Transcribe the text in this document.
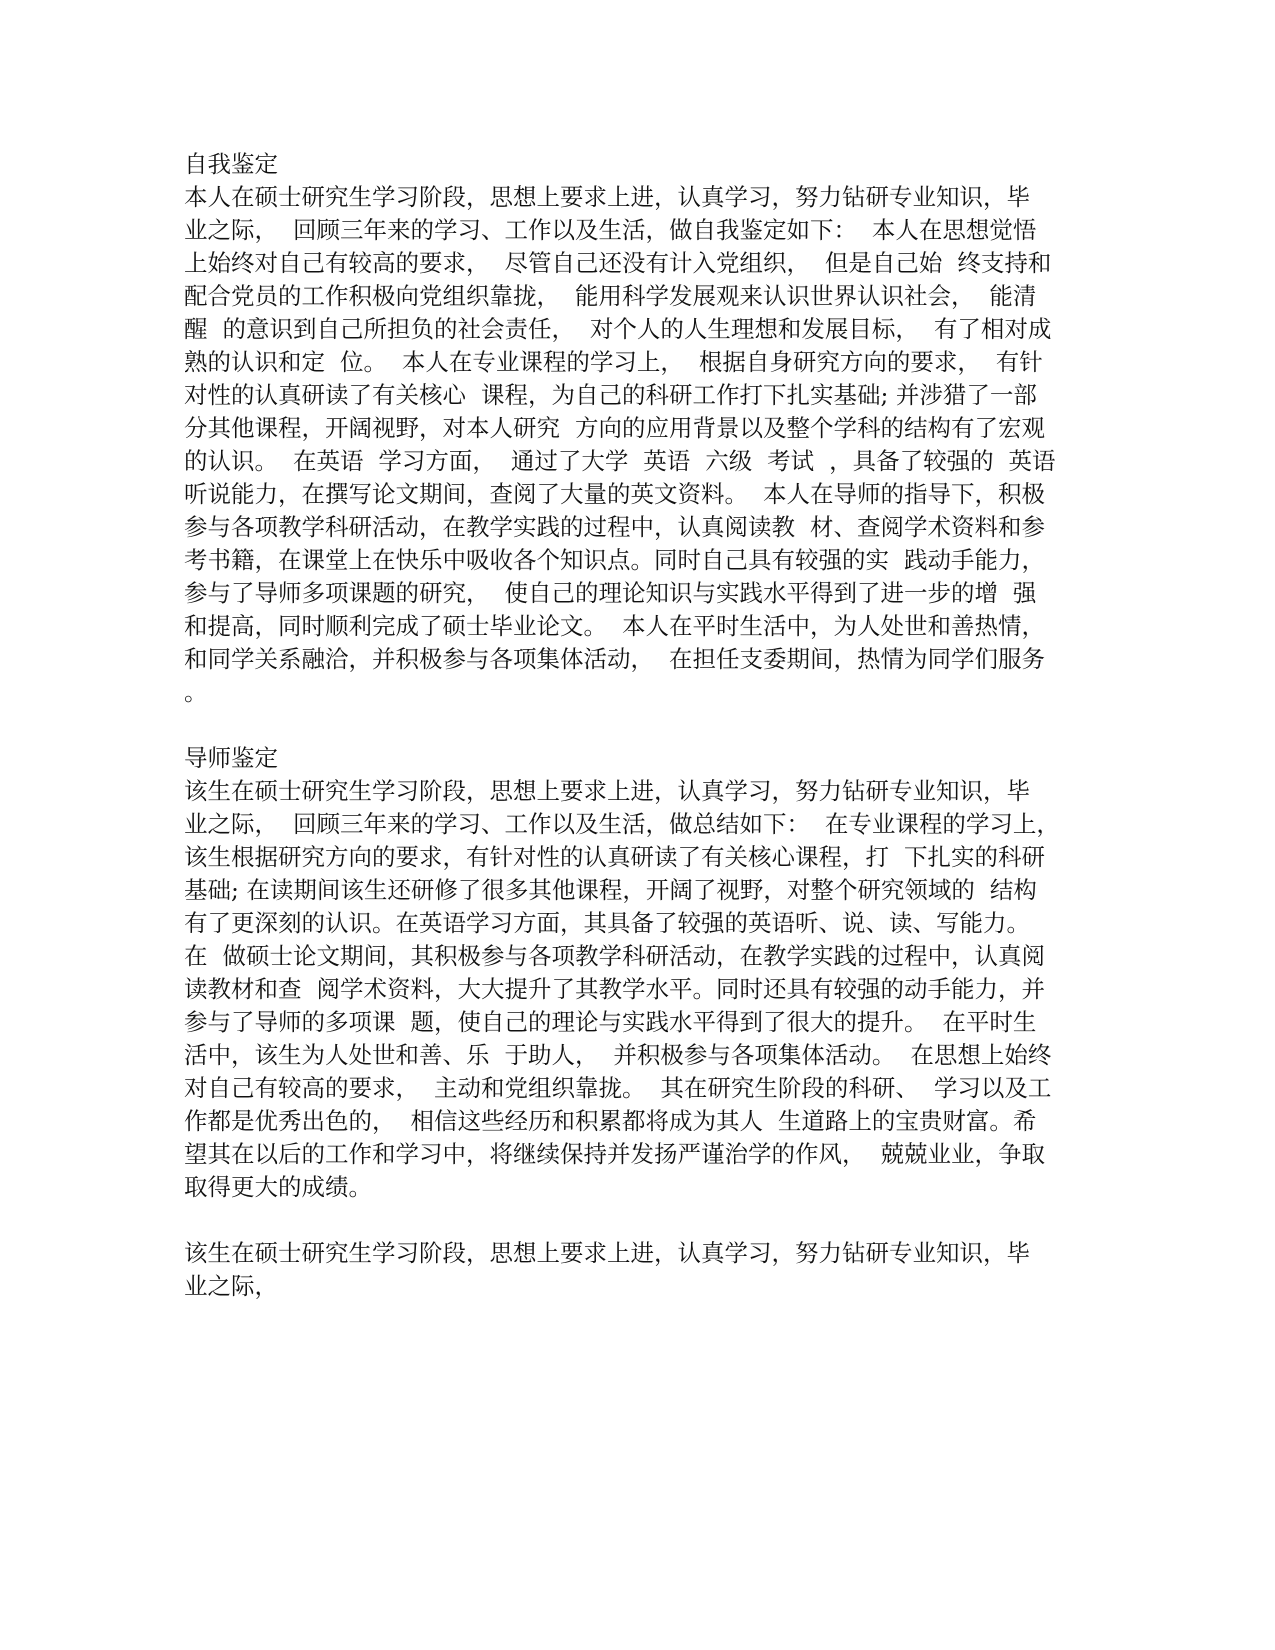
自我鉴定
本人在硕士研究生学习阶段，思想上要求上进，认真学习，努力钻研专业知识，毕
业之际，  回顾三年来的学习、工作以及生活，做自我鉴定如下：  本人在思想觉悟
上始终对自己有较高的要求，  尽管自己还没有计入党组织，  但是自己始  终支持和
配合党员的工作积极向党组织靠拢，  能用科学发展观来认识世界认识社会，  能清
醒  的意识到自己所担负的社会责任，  对个人的人生理想和发展目标，  有了相对成
熟的认识和定  位。  本人在专业课程的学习上，  根据自身研究方向的要求，  有针
对性的认真研读了有关核心  课程，为自己的科研工作打下扎实基础; 并涉猎了一部
分其他课程，开阔视野，对本人研究  方向的应用背景以及整个学科的结构有了宏观
的认识。  在英语  学习方面，  通过了大学  英语  六级  考试  ，具备了较强的  英语
听说能力，在撰写论文期间，查阅了大量的英文资料。  本人在导师的指导下，积极
参与各项教学科研活动，在教学实践的过程中，认真阅读教  材、查阅学术资料和参
考书籍，在课堂上在快乐中吸收各个知识点。同时自己具有较强的实  践动手能力，
参与了导师多项课题的研究，  使自己的理论知识与实践水平得到了进一步的增  强
和提高，同时顺利完成了硕士毕业论文。  本人在平时生活中，为人处世和善热情，
和同学关系融洽，并积极参与各项集体活动，  在担任支委期间，热情为同学们服务
。
导师鉴定
该生在硕士研究生学习阶段，思想上要求上进，认真学习，努力钻研专业知识，毕
业之际，  回顾三年来的学习、工作以及生活，做总结如下：  在专业课程的学习上，
该生根据研究方向的要求，有针对性的认真研读了有关核心课程，打  下扎实的科研
基础; 在读期间该生还研修了很多其他课程，开阔了视野，对整个研究领域的  结构
有了更深刻的认识。在英语学习方面，其具备了较强的英语听、说、读、写能力。
在  做硕士论文期间，其积极参与各项教学科研活动，在教学实践的过程中，认真阅
读教材和查  阅学术资料，大大提升了其教学水平。同时还具有较强的动手能力，并
参与了导师的多项课  题，使自己的理论与实践水平得到了很大的提升。  在平时生
活中，该生为人处世和善、乐  于助人，  并积极参与各项集体活动。  在思想上始终
对自己有较高的要求，  主动和党组织靠拢。  其在研究生阶段的科研、  学习以及工
作都是优秀出色的，  相信这些经历和积累都将成为其人  生道路上的宝贵财富。希
望其在以后的工作和学习中，将继续保持并发扬严谨治学的作风，  兢兢业业，争取
取得更大的成绩。
该生在硕士研究生学习阶段，思想上要求上进，认真学习，努力钻研专业知识，毕
业之际，
